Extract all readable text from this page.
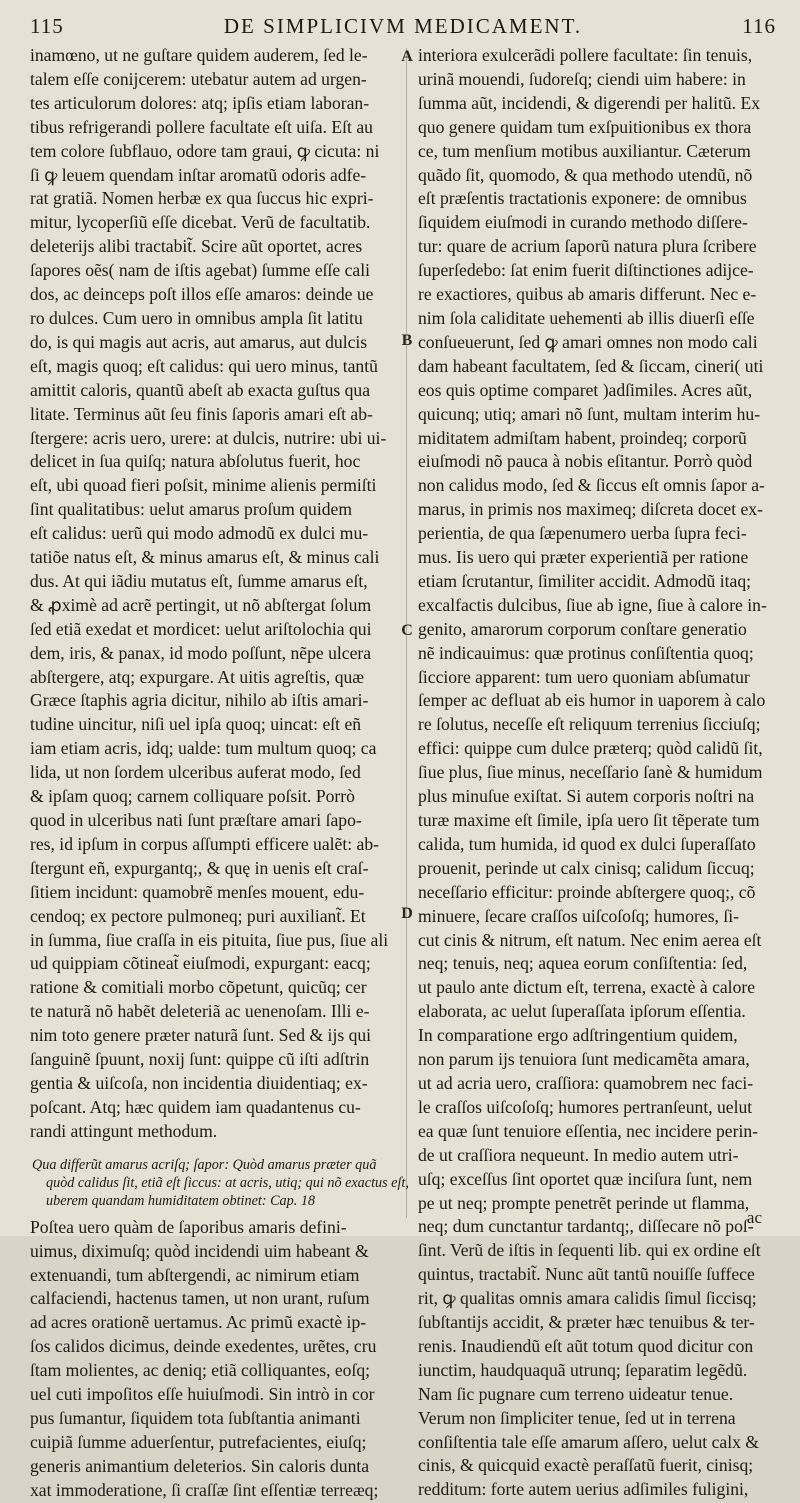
115	DE SIMPLICIVM MEDICAMENT.	116
A
B
C
D
inamœno, ut ne guſtare quidem auderem, ſed le-
talem eſſe conijcerem: utebatur autem ad urgen-
tes articulorum dolores: atq; ipſis etiam laboran-
tibus refrigerandi pollere facultate eſt uiſa. Eſt au
tem colore ſubflauo, odore tam graui, ꝙ cicuta: ni
ſi ꝙ leuem quendam inſtar aromatũ odoris adfe-
rat gratiã. Nomen herbæ ex qua ſuccus hic expri-
mitur, lycoperſiũ eſſe dicebat. Verũ de facultatib.
deleterijs alibi tractabit̃. Scire aũt oportet, acres
ſapores oẽs( nam de iſtis agebat) ſumme eſſe cali
dos, ac deinceps poſt illos eſſe amaros: deinde ue
ro dulces. Cum uero in omnibus ampla ſit latitu
do, is qui magis aut acris, aut amarus, aut dulcis
eſt, magis quoq; eſt calidus: qui uero minus, tantũ
amittit caloris, quantũ abeſt ab exacta guſtus qua
litate. Terminus aũt ſeu finis ſaporis amari eſt ab-
ſtergere: acris uero, urere: at dulcis, nutrire: ubi ui-
delicet in ſua quiſq; natura abſolutus fuerit, hoc
eſt, ubi quoad fieri poſsit, minime alienis permiſti
ſint qualitatibus: uelut amarus proſum quidem
eſt calidus: uerũ qui modo admodũ ex dulci mu-
tatiõe natus eſt, & minus amarus eſt, & minus cali
dus. At qui iãdiu mutatus eſt, ſumme amarus eſt,
& ꝓximè ad acrẽ pertingit, ut nõ abſtergat ſolum
ſed etiã exedat et mordicet: uelut ariſtolochia qui
dem, iris, & panax, id modo poſſunt, nẽpe ulcera
abſtergere, atq; expurgare. At uitis agreſtis, quæ
Græce ſtaphis agria dicitur, nihilo ab iſtis amari-
tudine uincitur, niſi uel ipſa quoq; uincat: eſt eñ
iam etiam acris, idq; ualde: tum multum quoq; ca
lida, ut non ſordem ulceribus auferat modo, ſed
& ipſam quoq; carnem colliquare poſsit. Porrò
quod in ulceribus nati ſunt præſtare amari ſapo-
res, id ipſum in corpus aſſumpti efficere ualẽt: ab-
ſtergunt eñ, expurgantq;, & quę in uenis eſt craſ-
ſitiem incidunt: quamobrẽ menſes mouent, edu-
cendoq; ex pectore pulmoneq; puri auxiliant̃. Et
in ſumma, ſiue craſſa in eis pituita, ſiue pus, ſiue ali
ud quippiam cõtineat̃ eiuſmodi, expurgant: eacq;
ratione & comitiali morbo cõpetunt, quicũq; cer
te naturã nõ habẽt deleteriã ac uenenoſam. Illi e-
nim toto genere præter naturã ſunt. Sed & ijs qui
ſanguinẽ ſpuunt, noxij ſunt: quippe cũ iſti adſtrin
gentia & uiſcoſa, non incidentia diuidentiaq; ex-
poſcant. Atq; hæc quidem iam quadantenus cu-
randi attingunt methodum.
Qua differũt amarus acriſq; ſapor: Quòd amarus præter quã
quòd calidus ſit, etiã eſt ſiccus: at acris, utiq; qui nõ exactus eſt,
uberem quandam humiditatem obtinet: Cap. 18
Poſtea uero quàm de ſaporibus amaris defini-
uimus, diximuſq; quòd incidendi uim habeant &
extenuandi, tum abſtergendi, ac nimirum etiam
calfaciendi, hactenus tamen, ut non urant, ruſum
ad acres orationẽ uertamus. Ac primũ exactè ip-
ſos calidos dicimus, deinde exedentes, urẽtes, cru
ſtam molientes, ac deniq; etiã colliquantes, eoſq;
uel cuti impoſitos eſſe huiuſmodi. Sin intrò in cor
pus ſumantur, ſiquidem tota ſubſtantia animanti
cuipiã ſumme aduerſentur, putrefacientes, eiuſq;
generis animantium deleterios. Sin caloris dunta
xat immoderatione, ſi craſſæ ſint eſſentiæ terreæq;
interiora exulcerãdi pollere facultate: ſin tenuis,
urinã mouendi, ſudoreſq; ciendi uim habere: in
ſumma aũt, incidendi, & digerendi per halitũ. Ex
quo genere quidam tum exſpuitionibus ex thora
ce, tum menſium motibus auxiliantur. Cæterum
quãdo ſit, quomodo, & qua methodo utendũ, nõ
eſt præſentis tractationis exponere: de omnibus
ſiquidem eiuſmodi in curando methodo diſſere-
tur: quare de acrium ſaporũ natura plura ſcribere
ſuperſedebo: ſat enim fuerit diſtinctiones adijce-
re exactiores, quibus ab amaris differunt. Nec e-
nim ſola caliditate uehementi ab illis diuerſi eſſe
conſueuerunt, ſed ꝙ amari omnes non modo cali
dam habeant facultatem, ſed & ſiccam, cineri( uti
eos quis optime comparet )adſimiles. Acres aũt,
quicunq; utiq; amari nõ ſunt, multam interim hu-
miditatem admiſtam habent, proindeq; corporũ
eiuſmodi nõ pauca à nobis eſitantur. Porrò quòd
non calidus modo, ſed & ſiccus eſt omnis ſapor a-
marus, in primis nos maximeq; diſcreta docet ex-
perientia, de qua ſæpenumero uerba ſupra feci-
mus. Iis uero qui præter experientiã per ratione
etiam ſcrutantur, ſimiliter accidit. Admodũ itaq;
excalfactis dulcibus, ſiue ab igne, ſiue à calore in-
genito, amarorum corporum conſtare generatio
nẽ indicauimus: quæ protinus conſiſtentia quoq;
ſicciore apparent: tum uero quoniam abſumatur
ſemper ac defluat ab eis humor in uaporem à calo
re ſolutus, neceſſe eſt reliquum terrenius ſicciuſq;
effici: quippe cum dulce præterq; quòd calidũ ſit,
ſiue plus, ſiue minus, neceſſario ſanè & humidum
plus minuſue exiſtat. Si autem corporis noſtri na
turæ maxime eſt ſimile, ipſa uero ſit tẽperate tum
calida, tum humida, id quod ex dulci ſuperaſſato
prouenit, perinde ut calx cinisq; calidum ſiccuq;
neceſſario efficitur: proinde abſtergere quoq;, cõ
minuere, ſecare craſſos uiſcoſoſq; humores, ſi-
cut cinis & nitrum, eſt natum. Nec enim aerea eſt
neq; tenuis, neq; aquea eorum conſiſtentia: ſed,
ut paulo ante dictum eſt, terrena, exactè à calore
elaborata, ac uelut ſuperaſſata ipſorum eſſentia.
In comparatione ergo adſtringentium quidem,
non parum ijs tenuiora ſunt medicamẽta amara,
ut ad acria uero, craſſiora: quamobrem nec faci-
le craſſos uiſcoſoſq; humores pertranſeunt, uelut
ea quæ ſunt tenuiore eſſentia, nec incidere perin-
de ut craſſiora nequeunt. In medio autem utri-
uſq; exceſſus ſint oportet quæ inciſura ſunt, nem
pe ut neq; prompte penetrẽt perinde ut flamma,
neq; dum cunctantur tardantq;, diſſecare nõ poſ-
ſint. Verũ de iſtis in ſequenti lib. qui ex ordine eſt
quintus, tractabit̃. Nunc aũt tantũ nouiſſe ſuffece
rit, ꝙ qualitas omnis amara calidis ſimul ſiccisq;
ſubſtantijs accidit, & præter hæc tenuibus & ter-
renis. Inaudiendũ eſt aũt totum quod dicitur con
iunctim, haudquaquã utrunq; ſeparatim legẽdũ.
Nam ſic pugnare cum terreno uideatur tenue.
Verum non ſimpliciter tenue, ſed ut in terrena
conſiſtentia tale eſſe amarum aſſero, uelut calx &
cinis, & quicquid exactè peraſſatũ fuerit, cinisq;
redditum: forte autem uerius adſimiles fuligini,
ac
